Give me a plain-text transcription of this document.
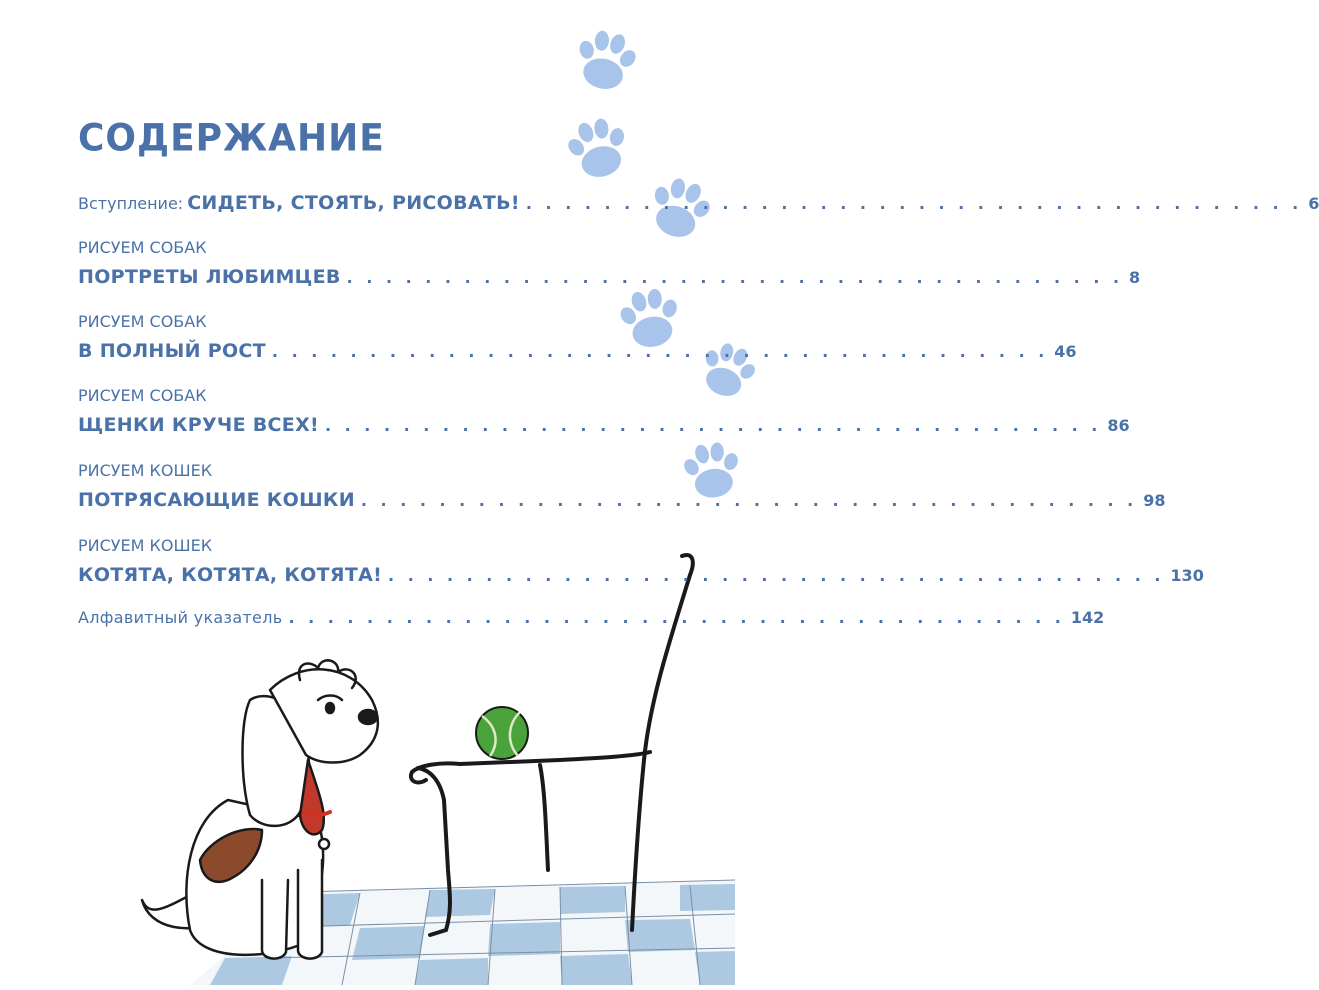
СОДЕРЖАНИЕ
Вступление: СИДЕТЬ, СТОЯТЬ, РИСОВАТЬ! . . . . . . . . . . . . . . . . . . . . . . . . . . . . . . . . . . . . . . . . 6
РИСУЕМ СОБАК
ПОРТРЕТЫ ЛЮБИМЦЕВ . . . . . . . . . . . . . . . . . . . . . . . . . . . . . . . . . . . . . . . . 8
РИСУЕМ СОБАК
В ПОЛНЫЙ РОСТ . . . . . . . . . . . . . . . . . . . . . . . . . . . . . . . . . . . . . . . . 46
РИСУЕМ СОБАК
ЩЕНКИ КРУЧЕ ВСЕХ! . . . . . . . . . . . . . . . . . . . . . . . . . . . . . . . . . . . . . . . . 86
РИСУЕМ КОШЕК
ПОТРЯСАЮЩИЕ КОШКИ . . . . . . . . . . . . . . . . . . . . . . . . . . . . . . . . . . . . . . . . 98
РИСУЕМ КОШЕК
КОТЯТА, КОТЯТА, КОТЯТА! . . . . . . . . . . . . . . . . . . . . . . . . . . . . . . . . . . . . . . . . 130
Алфавитный указатель . . . . . . . . . . . . . . . . . . . . . . . . . . . . . . . . . . . . . . . . 142
